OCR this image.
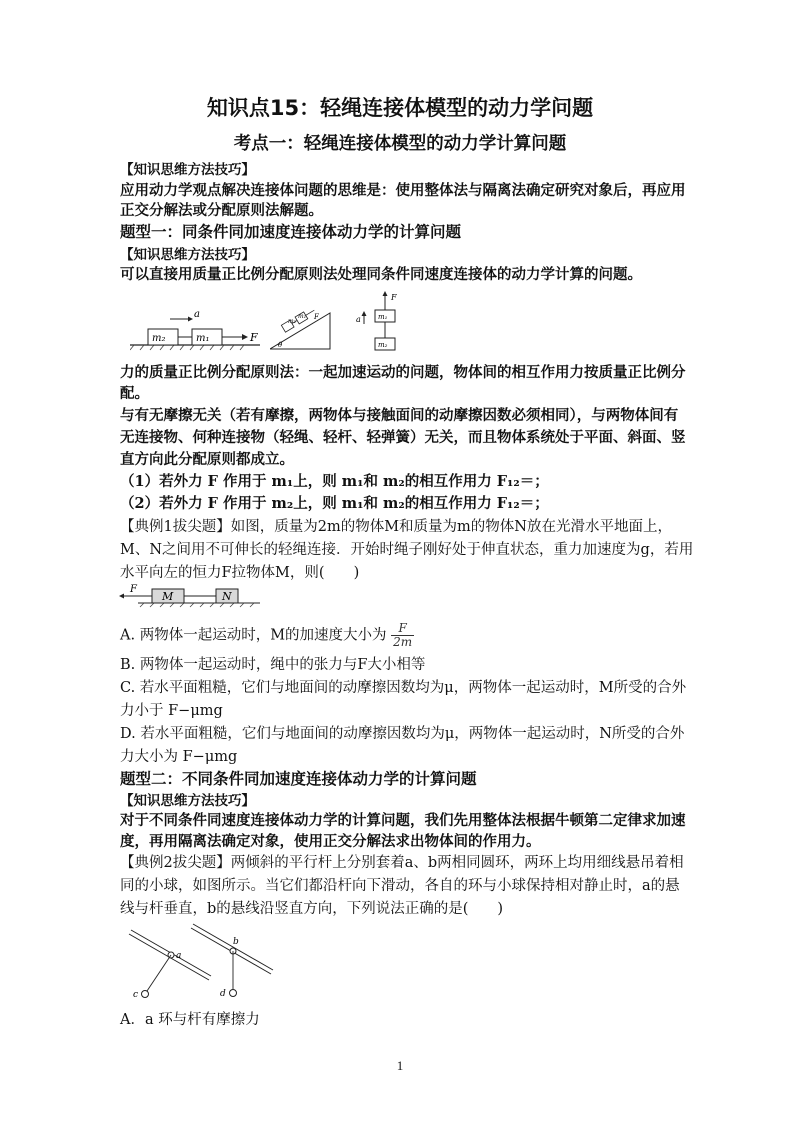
知识点15：轻绳连接体模型的动力学问题
考点一：轻绳连接体模型的动力学计算问题
【知识思维方法技巧】
应用动力学观点解决连接体问题的思维是：使用整体法与隔离法确定研究对象后，再应用
正交分解法或分配原则法解题。
题型一：同条件同加速度连接体动力学的计算问题
【知识思维方法技巧】
可以直接用质量正比例分配原则法处理同条件同速度连接体的动力学计算的问题。
m₂	m₁
a
F
θ
m₂
m₁ F
F
a m₁
m₂
力的质量正比例分配原则法：一起加速运动的问题，物体间的相互作用力按质量正比例分
配。
与有无摩擦无关（若有摩擦，两物体与接触面间的动摩擦因数必须相同），与两物体间有
无连接物、何种连接物（轻绳、轻杆、轻弹簧）无关，而且物体系统处于平面、斜面、竖
直方向此分配原则都成立。
（1）若外力 F 作用于 m₁上，则 m₁和 m₂的相互作用力 F₁₂＝；
（2）若外力 F 作用于 m₂上，则 m₁和 m₂的相互作用力 F₁₂＝；
【典例1拔尖题】如图，质量为2m的物体M和质量为m的物体N放在光滑水平地面上，
M、N之间用不可伸长的轻绳连接．开始时绳子刚好处于伸直状态，重力加速度为g，若用
水平向左的恒力F拉物体M，则(　　)
F
M	N
A. 两物体一起运动时，M的加速度大小为 $\frac{F}{2m}$
B. 两物体一起运动时，绳中的张力与F大小相等
C. 若水平面粗糙，它们与地面间的动摩擦因数均为μ，两物体一起运动时，M所受的合外
力小于 F−μmg
D. 若水平面粗糙，它们与地面间的动摩擦因数均为μ，两物体一起运动时，N所受的合外
力大小为 F−μmg
题型二：不同条件同加速度连接体动力学的计算问题
【知识思维方法技巧】
对于不同条件同速度连接体动力学的计算问题，我们先用整体法根据牛顿第二定律求加速
度，再用隔离法确定对象，使用正交分解法求出物体间的作用力。
【典例2拔尖题】两倾斜的平行杆上分别套着a、b两相同圆环，两环上均用细线悬吊着相
同的小球，如图所示。当它们都沿杆向下滑动，各自的环与小球保持相对静止时，a的悬
线与杆垂直，b的悬线沿竖直方向，下列说法正确的是(　　)
a
b
c	d
A．a 环与杆有摩擦力
1
